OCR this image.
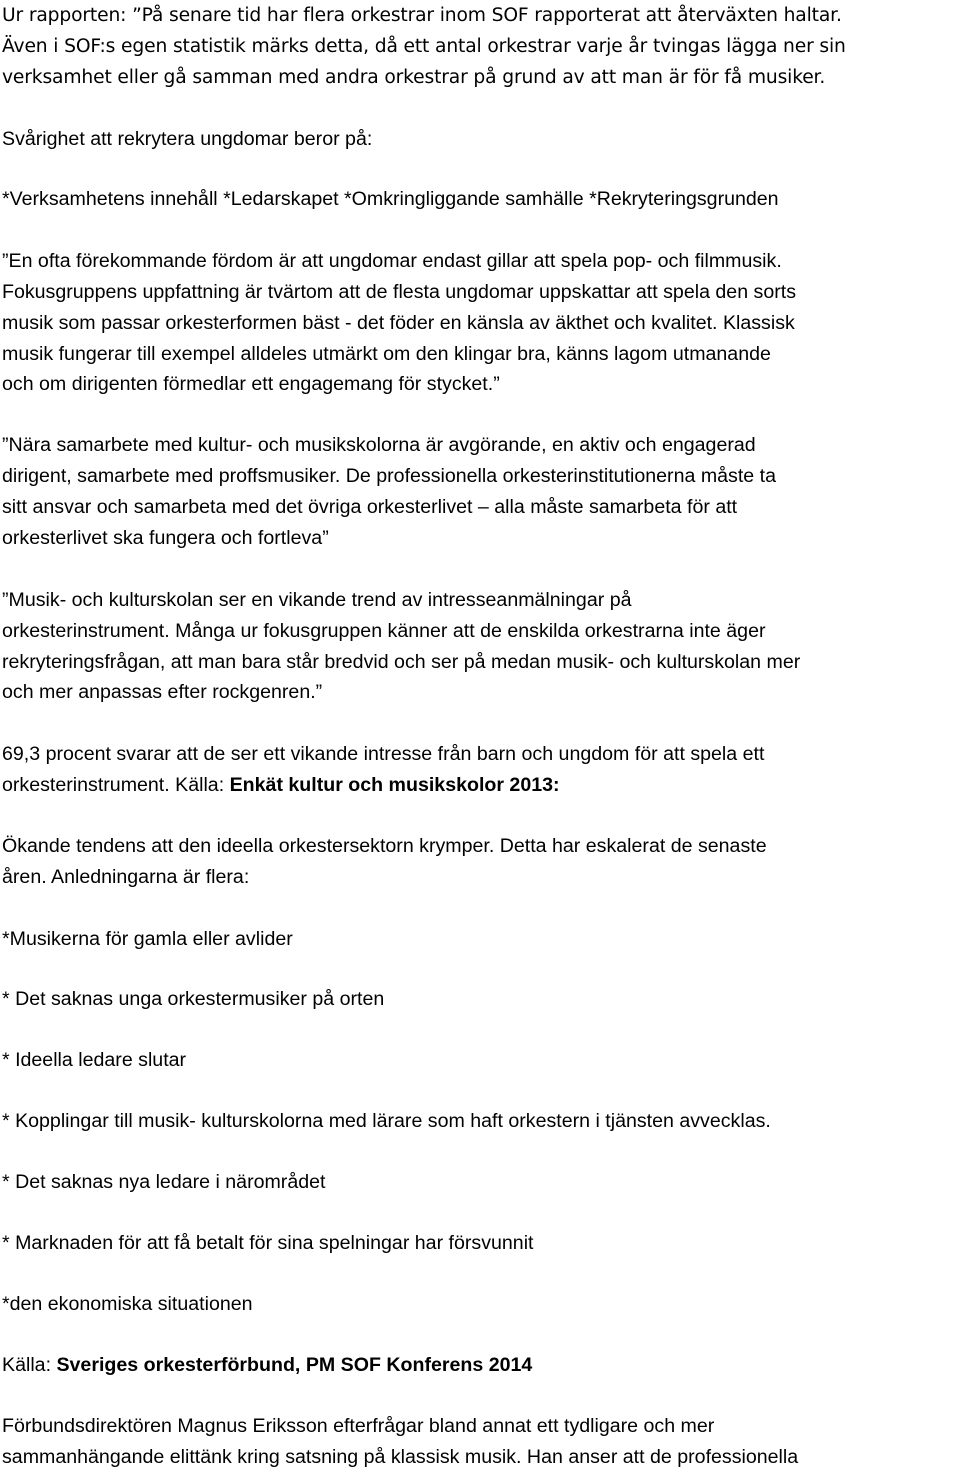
Ur rapporten: ”På senare tid har flera orkestrar inom SOF rapporterat att återväxten haltar.
Även i SOF:s egen statistik märks detta, då ett antal orkestrar varje år tvingas lägga ner sin
verksamhet eller gå samman med andra orkestrar på grund av att man är för få musiker.
Svårighet att rekrytera ungdomar beror på:
*Verksamhetens innehåll *Ledarskapet *Omkringliggande samhälle *Rekryteringsgrunden
”En ofta förekommande fördom är att ungdomar endast gillar att spela pop- och filmmusik.
Fokusgruppens uppfattning är tvärtom att de flesta ungdomar uppskattar att spela den sorts
musik som passar orkesterformen bäst - det föder en känsla av äkthet och kvalitet. Klassisk
musik fungerar till exempel alldeles utmärkt om den klingar bra, känns lagom utmanande
och om dirigenten förmedlar ett engagemang för stycket.”
”Nära samarbete med kultur- och musikskolorna är avgörande, en aktiv och engagerad
dirigent, samarbete med proffsmusiker. De professionella orkesterinstitutionerna måste ta
sitt ansvar och samarbeta med det övriga orkesterlivet – alla måste samarbeta för att
orkesterlivet ska fungera och fortleva”
”Musik- och kulturskolan ser en vikande trend av intresseanmälningar på
orkesterinstrument. Många ur fokusgruppen känner att de enskilda orkestrarna inte äger
rekryteringsfrågan, att man bara står bredvid och ser på medan musik- och kulturskolan mer
och mer anpassas efter rockgenren.”
69,3 procent svarar att de ser ett vikande intresse från barn och ungdom för att spela ett
orkesterinstrument. Källa: Enkät kultur och musikskolor 2013:
Ökande tendens att den ideella orkestersektorn krymper. Detta har eskalerat de senaste
åren. Anledningarna är flera:
*Musikerna för gamla eller avlider
* Det saknas unga orkestermusiker på orten
* Ideella ledare slutar
* Kopplingar till musik- kulturskolorna med lärare som haft orkestern i tjänsten avvecklas.
* Det saknas nya ledare i närområdet
* Marknaden för att få betalt för sina spelningar har försvunnit
*den ekonomiska situationen
Källa: Sveriges orkesterförbund, PM SOF Konferens 2014
Förbundsdirektören Magnus Eriksson efterfrågar bland annat ett tydligare och mer
sammanhängande elittänk kring satsning på klassisk musik. Han anser att de professionella
